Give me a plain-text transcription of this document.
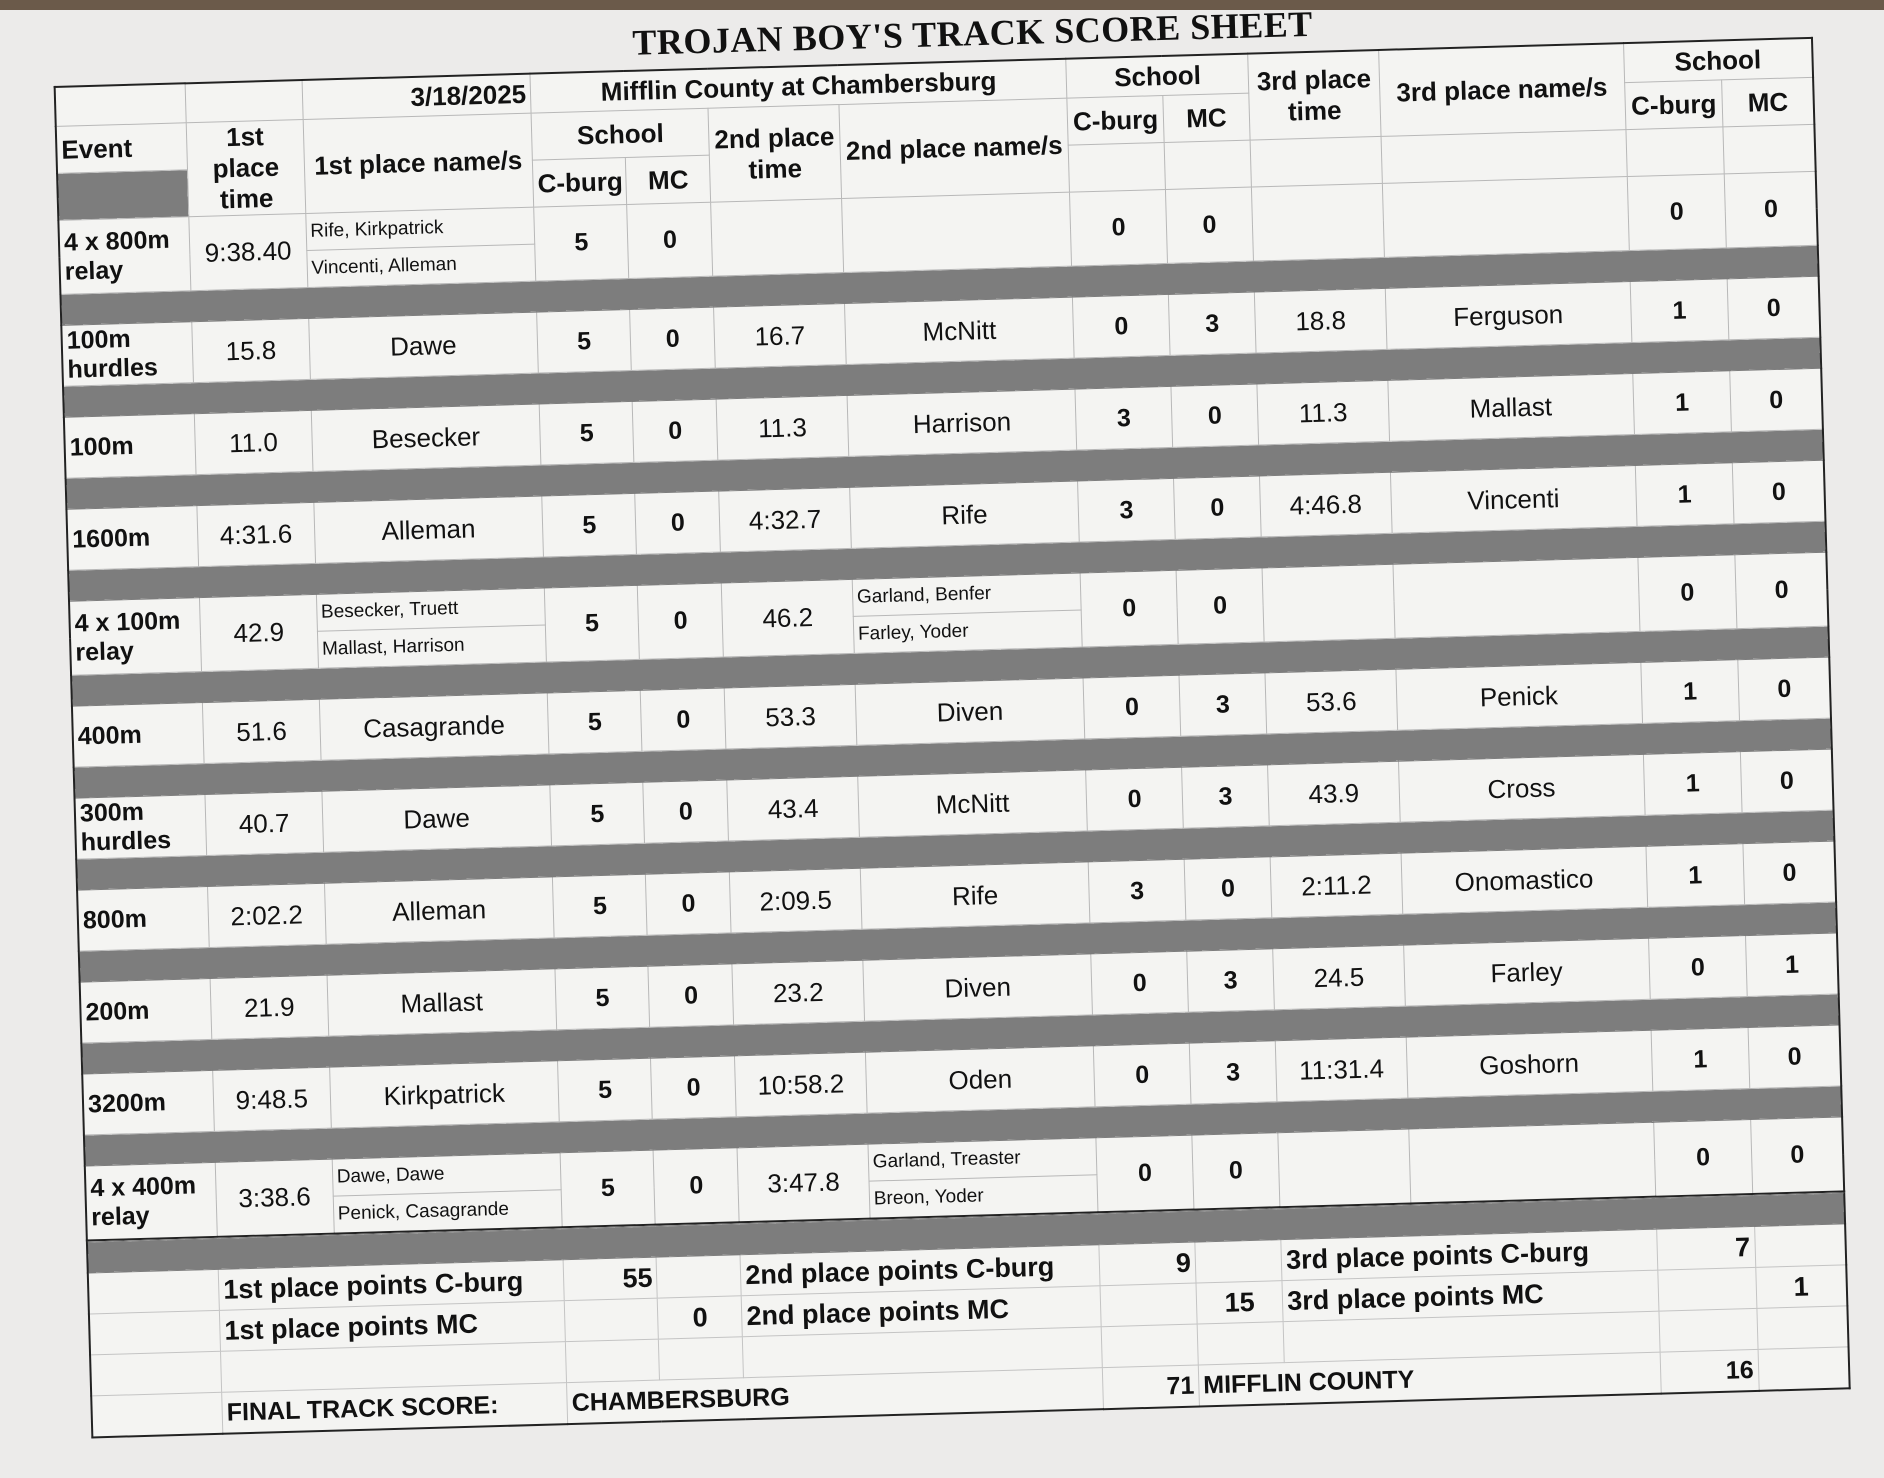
TROJAN BOY'S TRACK SCORE SHEET
		3/18/2025	Mifflin County at Chambersburg				School		3rd place time	3rd place name/s	School	
Event	1st place time	1st place name/s	School		2nd place time	2nd place name/s	C-burg	MC			C-burg	MC
			C-burg	MC								

4 x 800m
relay	9:38.40	Rife, Kirkpatrick	5	0			0	0			0	0
		Vincenti, Alleman										

100m
hurdles	15.8	Dawe	5	0	16.7	McNitt	0	3	18.8	Ferguson	1	0

100m	11.0	Besecker	5	0	11.3	Harrison	3	0	11.3	Mallast	1	0

1600m	4:31.6	Alleman	5	0	4:32.7	Rife	3	0	4:46.8	Vincenti	1	0

4 x 100m
relay	42.9	Besecker, Truett	5	0	46.2	Garland, Benfer	0	0			0	0
		Mallast, Harrison				Farley, Yoder						

400m	51.6	Casagrande	5	0	53.3	Diven	0	3	53.6	Penick	1	0

300m
hurdles	40.7	Dawe	5	0	43.4	McNitt	0	3	43.9	Cross	1	0

800m	2:02.2	Alleman	5	0	2:09.5	Rife	3	0	2:11.2	Onomastico	1	0

200m	21.9	Mallast	5	0	23.2	Diven	0	3	24.5	Farley	0	1

3200m	9:48.5	Kirkpatrick	5	0	10:58.2	Oden	0	3	11:31.4	Goshorn	1	0

4 x 400m
relay	3:38.6	Dawe, Dawe	5	0	3:47.8	Garland, Treaster	0	0			0	0
		Penick, Casagrande				Breon, Yoder						

	1st place points C-burg	55		2nd place points C-burg	9		3rd place points C-burg	7	
	1st place points MC		0	2nd place points MC		15	3rd place points MC		1

	FINAL TRACK SCORE:	CHAMBERSBURG			71	MIFFLIN COUNTY		16	
